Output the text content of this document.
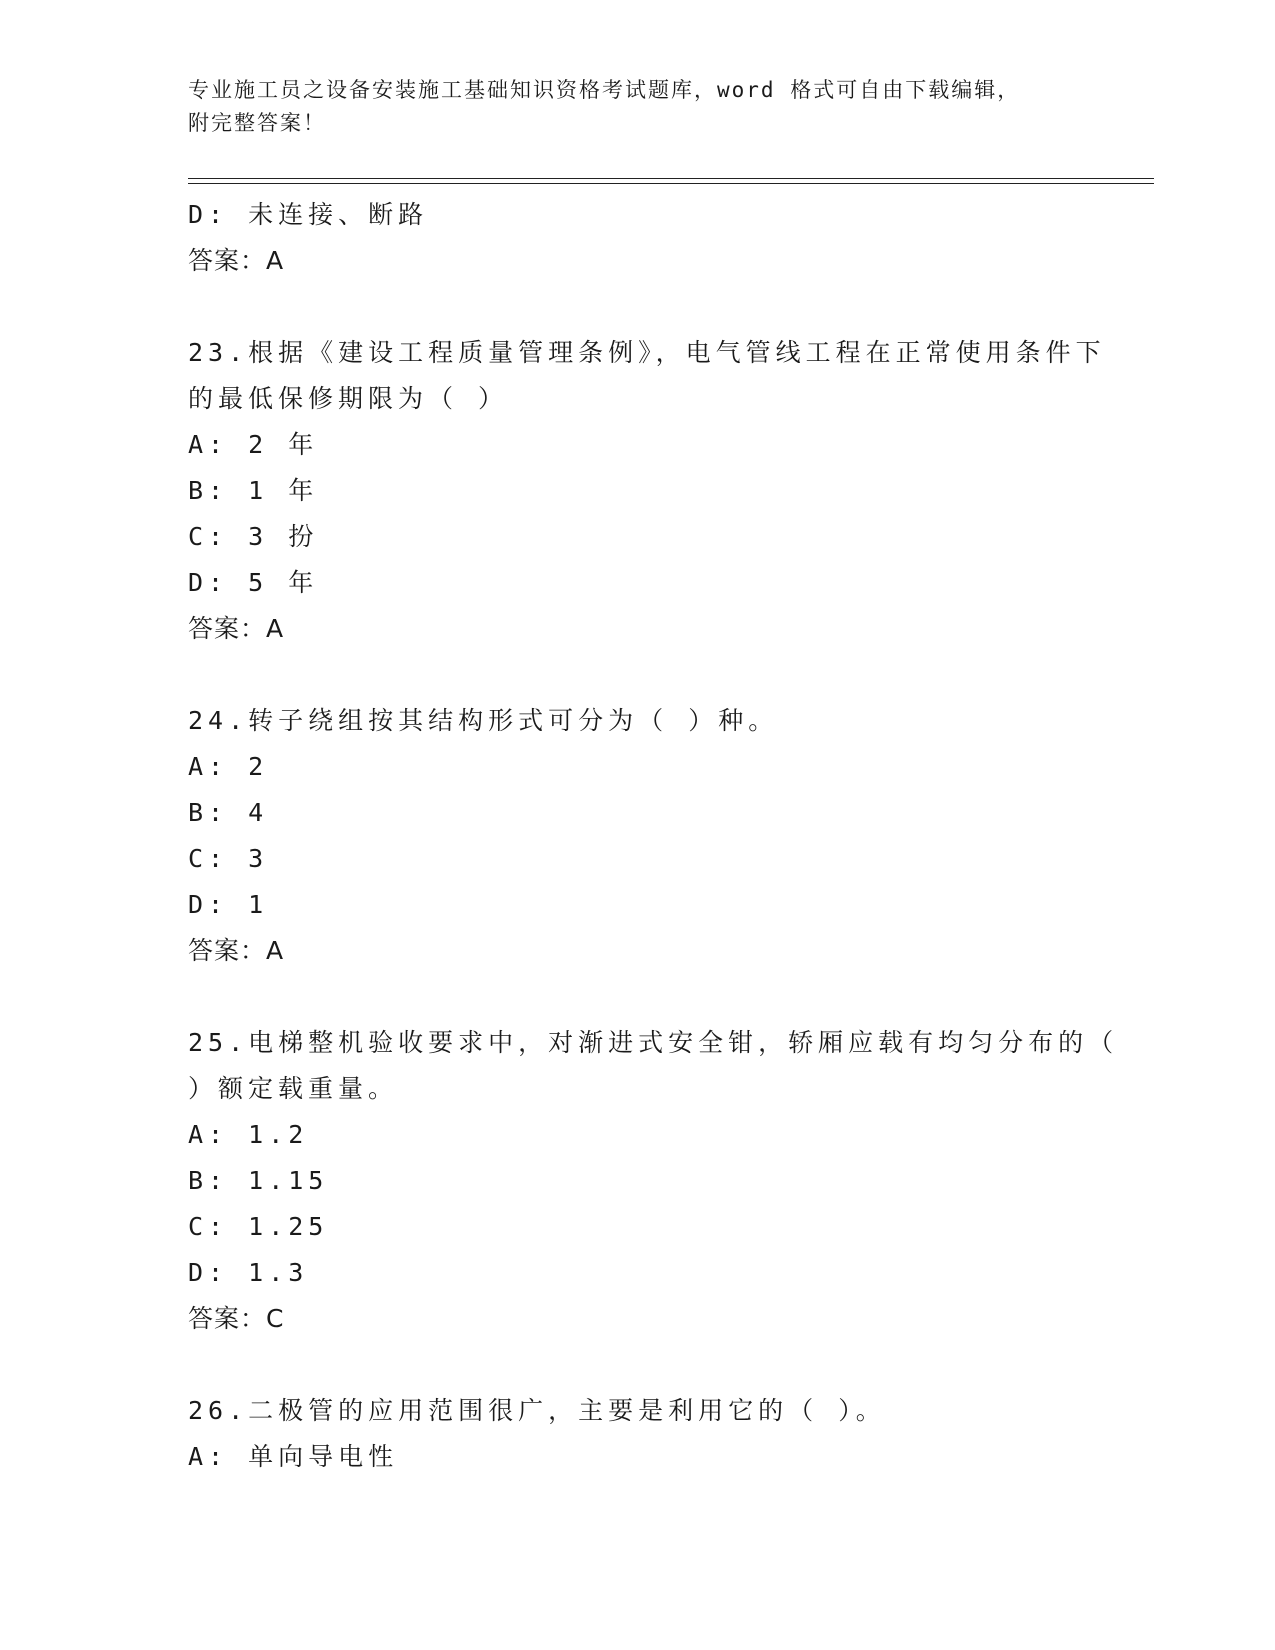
专业施工员之设备安装施工基础知识资格考试题库，word 格式可自由下载编辑，
附完整答案！
D: 未连接、断路
答案：A
23.根据《建设工程质量管理条例》，电气管线工程在正常使用条件下
的最低保修期限为（ ）
A: 2 年
B: 1 年
C: 3 扮
D: 5 年
答案：A
24.转子绕组按其结构形式可分为（ ）种。
A: 2
B: 4
C: 3
D: 1
答案：A
25.电梯整机验收要求中，对渐进式安全钳，轿厢应载有均匀分布的（
）额定载重量。
A: 1.2
B: 1.15
C: 1.25
D: 1.3
答案：C
26.二极管的应用范围很广，主要是利用它的（ ）。
A: 单向导电性
